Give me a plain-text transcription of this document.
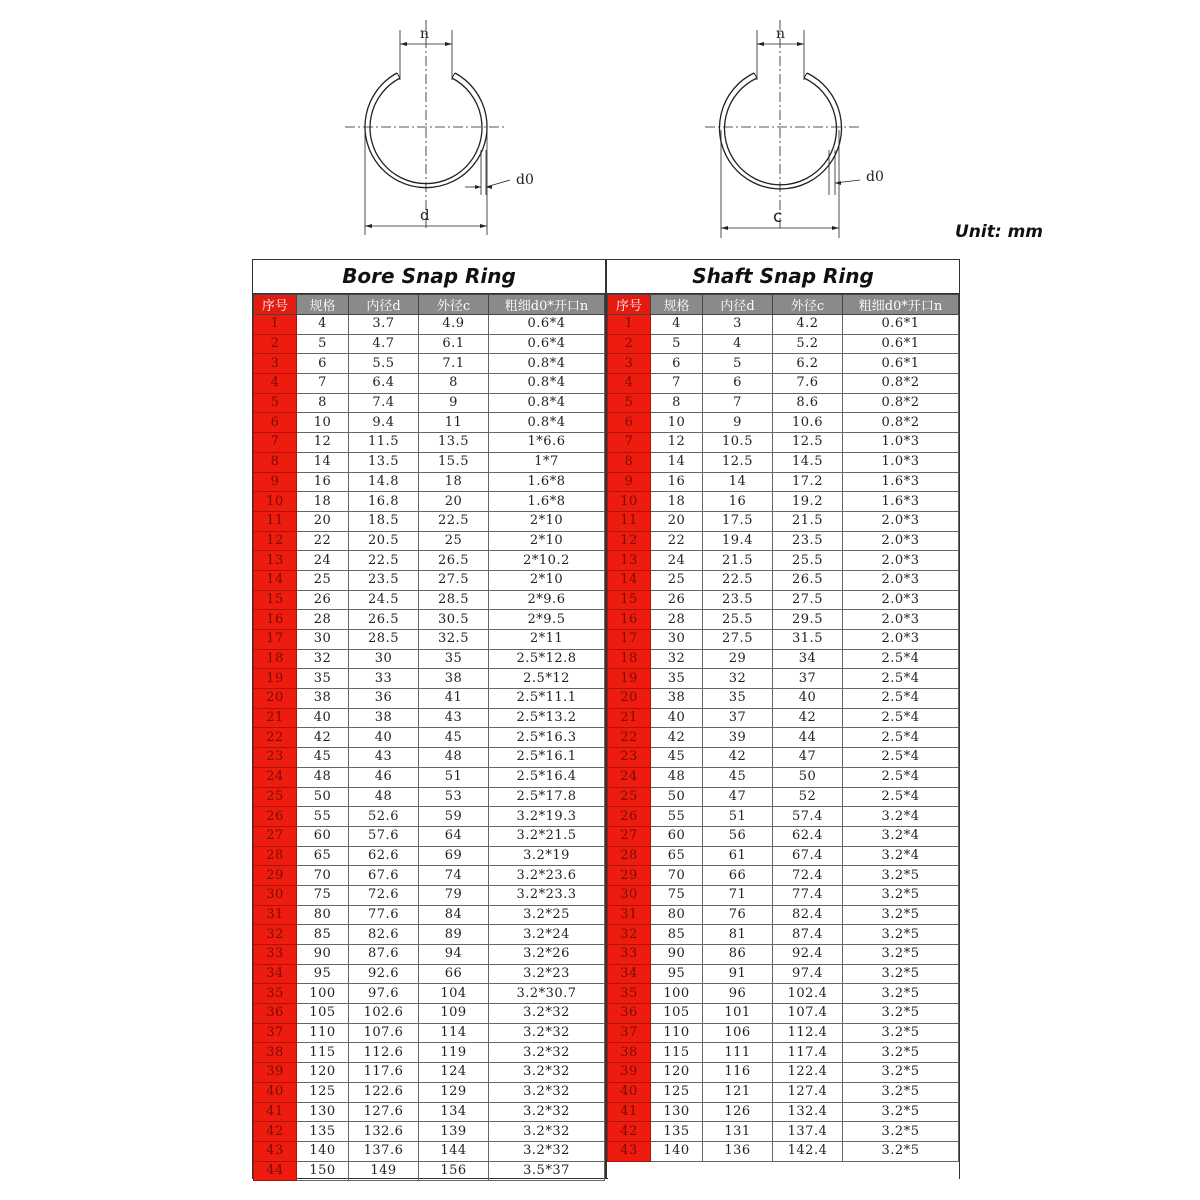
n
d0
d
n
d0
c
Unit: mm
Bore Snap Ring
序号	规格	内径d	外径c	粗细d0*开口n
1	4	3.7	4.9	0.6*4
2	5	4.7	6.1	0.6*4
3	6	5.5	7.1	0.8*4
4	7	6.4	8	0.8*4
5	8	7.4	9	0.8*4
6	10	9.4	11	0.8*4
7	12	11.5	13.5	1*6.6
8	14	13.5	15.5	1*7
9	16	14.8	18	1.6*8
10	18	16.8	20	1.6*8
11	20	18.5	22.5	2*10
12	22	20.5	25	2*10
13	24	22.5	26.5	2*10.2
14	25	23.5	27.5	2*10
15	26	24.5	28.5	2*9.6
16	28	26.5	30.5	2*9.5
17	30	28.5	32.5	2*11
18	32	30	35	2.5*12.8
19	35	33	38	2.5*12
20	38	36	41	2.5*11.1
21	40	38	43	2.5*13.2
22	42	40	45	2.5*16.3
23	45	43	48	2.5*16.1
24	48	46	51	2.5*16.4
25	50	48	53	2.5*17.8
26	55	52.6	59	3.2*19.3
27	60	57.6	64	3.2*21.5
28	65	62.6	69	3.2*19
29	70	67.6	74	3.2*23.6
30	75	72.6	79	3.2*23.3
31	80	77.6	84	3.2*25
32	85	82.6	89	3.2*24
33	90	87.6	94	3.2*26
34	95	92.6	66	3.2*23
35	100	97.6	104	3.2*30.7
36	105	102.6	109	3.2*32
37	110	107.6	114	3.2*32
38	115	112.6	119	3.2*32
39	120	117.6	124	3.2*32
40	125	122.6	129	3.2*32
41	130	127.6	134	3.2*32
42	135	132.6	139	3.2*32
43	140	137.6	144	3.2*32
44	150	149	156	3.5*37
Shaft Snap Ring
序号	规格	内径d	外径c	粗细d0*开口n
1	4	3	4.2	0.6*1
2	5	4	5.2	0.6*1
3	6	5	6.2	0.6*1
4	7	6	7.6	0.8*2
5	8	7	8.6	0.8*2
6	10	9	10.6	0.8*2
7	12	10.5	12.5	1.0*3
8	14	12.5	14.5	1.0*3
9	16	14	17.2	1.6*3
10	18	16	19.2	1.6*3
11	20	17.5	21.5	2.0*3
12	22	19.4	23.5	2.0*3
13	24	21.5	25.5	2.0*3
14	25	22.5	26.5	2.0*3
15	26	23.5	27.5	2.0*3
16	28	25.5	29.5	2.0*3
17	30	27.5	31.5	2.0*3
18	32	29	34	2.5*4
19	35	32	37	2.5*4
20	38	35	40	2.5*4
21	40	37	42	2.5*4
22	42	39	44	2.5*4
23	45	42	47	2.5*4
24	48	45	50	2.5*4
25	50	47	52	2.5*4
26	55	51	57.4	3.2*4
27	60	56	62.4	3.2*4
28	65	61	67.4	3.2*4
29	70	66	72.4	3.2*5
30	75	71	77.4	3.2*5
31	80	76	82.4	3.2*5
32	85	81	87.4	3.2*5
33	90	86	92.4	3.2*5
34	95	91	97.4	3.2*5
35	100	96	102.4	3.2*5
36	105	101	107.4	3.2*5
37	110	106	112.4	3.2*5
38	115	111	117.4	3.2*5
39	120	116	122.4	3.2*5
40	125	121	127.4	3.2*5
41	130	126	132.4	3.2*5
42	135	131	137.4	3.2*5
43	140	136	142.4	3.2*5
